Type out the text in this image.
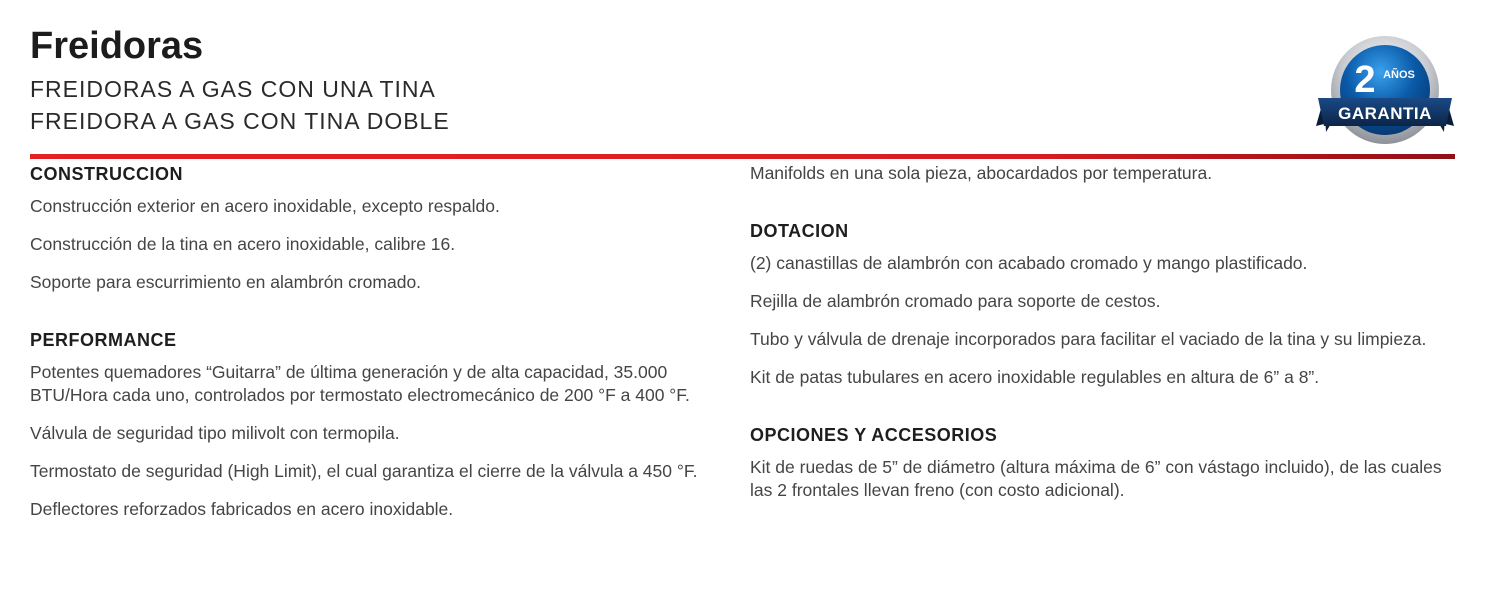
Freidoras
FREIDORAS A GAS CON UNA TINA
FREIDORA A GAS CON TINA DOBLE
2 AÑOS
GARANTIA
CONSTRUCCION
Construcción exterior en acero inoxidable, excepto respaldo.
Construcción de la tina en acero inoxidable, calibre 16.
Soporte para escurrimiento en alambrón cromado.
PERFORMANCE
Potentes quemadores “Guitarra” de última generación y de alta capacidad, 35.000 BTU/Hora cada uno, controlados por termostato electromecánico de 200 °F a 400 °F.
Válvula de seguridad tipo milivolt con termopila.
Termostato de seguridad (High Limit), el cual garantiza el cierre de la válvula a 450 °F.
Deflectores reforzados fabricados en acero inoxidable.
Manifolds en una sola pieza, abocardados por temperatura.
DOTACION
(2) canastillas de alambrón con acabado cromado y mango plastificado.
Rejilla de alambrón cromado para soporte de cestos.
Tubo y válvula de drenaje incorporados para facilitar el vaciado de la tina y su limpieza.
Kit de patas tubulares en acero inoxidable regulables en altura de 6” a 8”.
OPCIONES Y ACCESORIOS
Kit de ruedas de 5” de diámetro (altura máxima de 6” con vástago incluido), de las cuales las 2 frontales llevan freno (con costo adicional).
